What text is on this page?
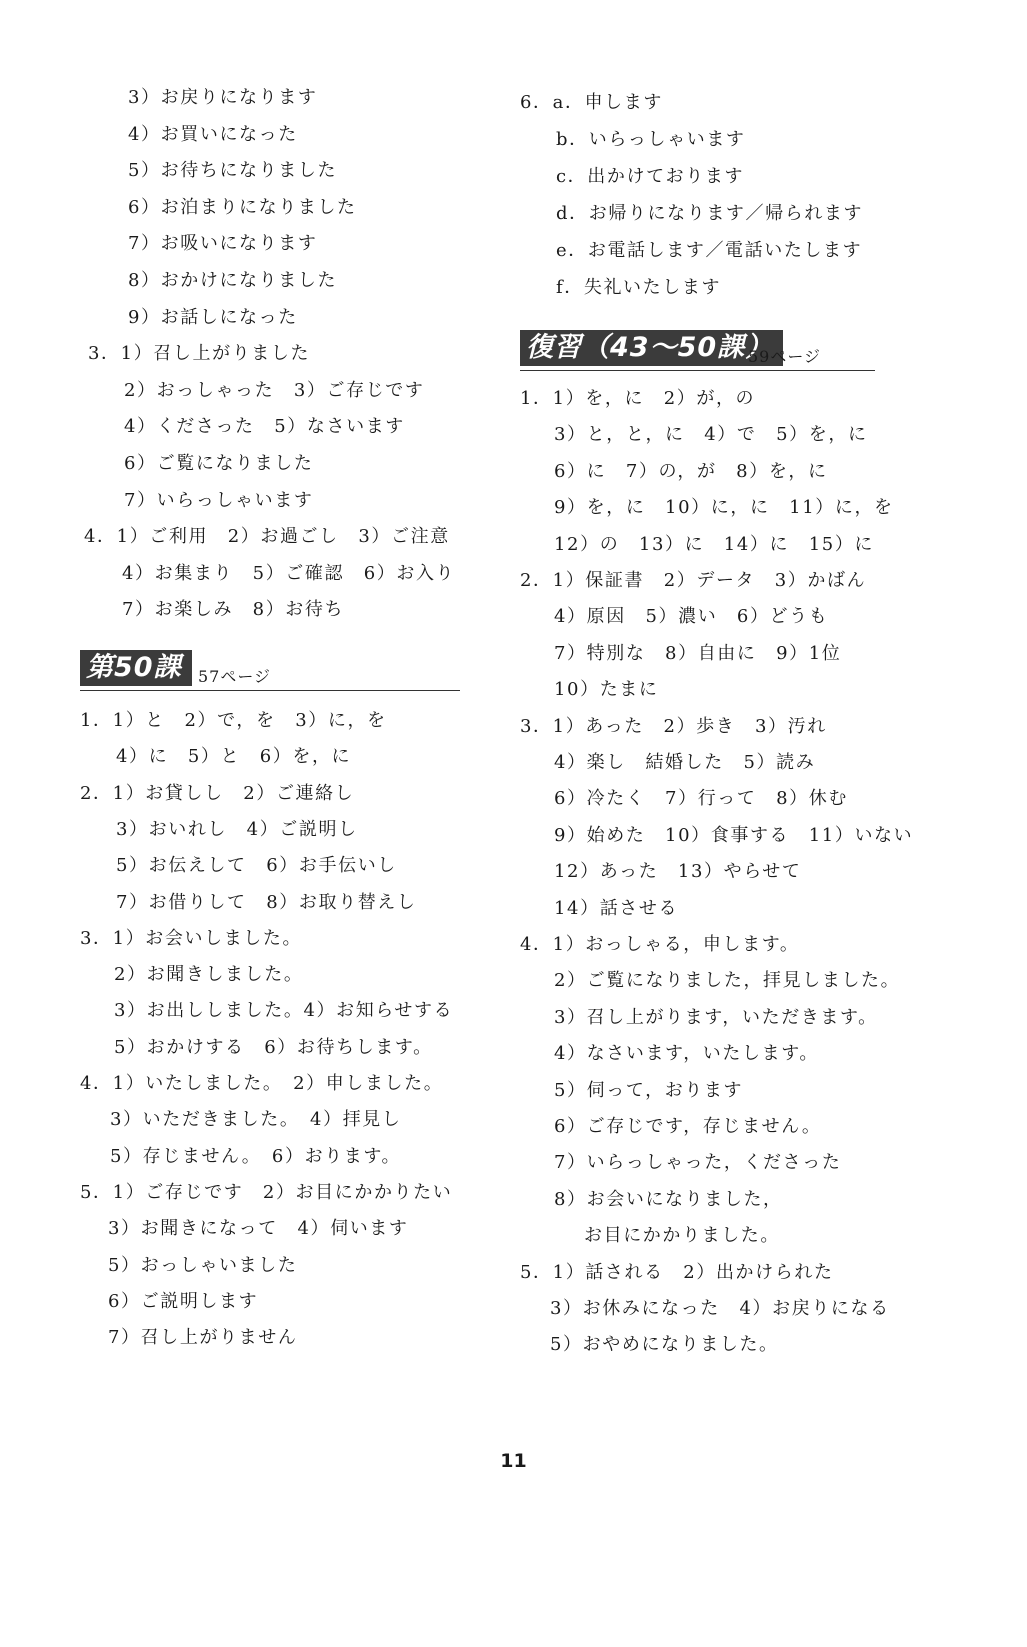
3）お戻りになります
4）お買いになった
5）お待ちになりました
6）お泊まりになりました
7）お吸いになります
8）おかけになりました
9）お話しになった
3．1）召し上がりました
2）おっしゃった　3）ご存じです
4）くださった　5）なさいます
6）ご覧になりました
7）いらっしゃいます
4．1）ご利用　2）お過ごし　3）ご注意
4）お集まり　5）ご確認　6）お入り
7）お楽しみ　8）お待ち
第50課	57ページ
1．1）と　2）で，を　3）に，を
4）に　5）と　6）を，に
2．1）お貸しし　2）ご連絡し
3）おいれし　4）ご説明し
5）お伝えして　6）お手伝いし
7）お借りして　8）お取り替えし
3．1）お会いしました。
2）お聞きしました。
3）お出ししました。4）お知らせする
5）おかけする　6）お待ちします。
4．1）いたしました。　2）申しました。
3）いただきました。　4）拝見し
5）存じません。　6）おります。
5．1）ご存じです　2）お目にかかりたい
3）お聞きになって　4）伺います
5）おっしゃいました
6）ご説明します
7）召し上がりません
6．a．申します
b．いらっしゃいます
c．出かけております
d．お帰りになります／帰られます
e．お電話します／電話いたします
f．失礼いたします
復習（43～50課）
59ページ
1．1）を，に　2）が，の
3）と，と，に　4）で　5）を，に
6）に　7）の，が　8）を，に
9）を，に　10）に，に　11）に，を
12）の　13）に　14）に　15）に
2．1）保証書　2）データ　3）かばん
4）原因　5）濃い　6）どうも
7）特別な　8）自由に　9）1位
10）たまに
3．1）あった　2）歩き　3）汚れ
4）楽し　結婚した　5）読み
6）冷たく　7）行って　8）休む
9）始めた　10）食事する　11）いない
12）あった　13）やらせて
14）話させる
4．1）おっしゃる，申します。
2）ご覧になりました，拝見しました。
3）召し上がります，いただきます。
4）なさいます，いたします。
5）伺って，おります
6）ご存じです，存じません。
7）いらっしゃった，くださった
8）お会いになりました，
お目にかかりました。
5．1）話される　2）出かけられた
3）お休みになった　4）お戻りになる
5）おやめになりました。
11
